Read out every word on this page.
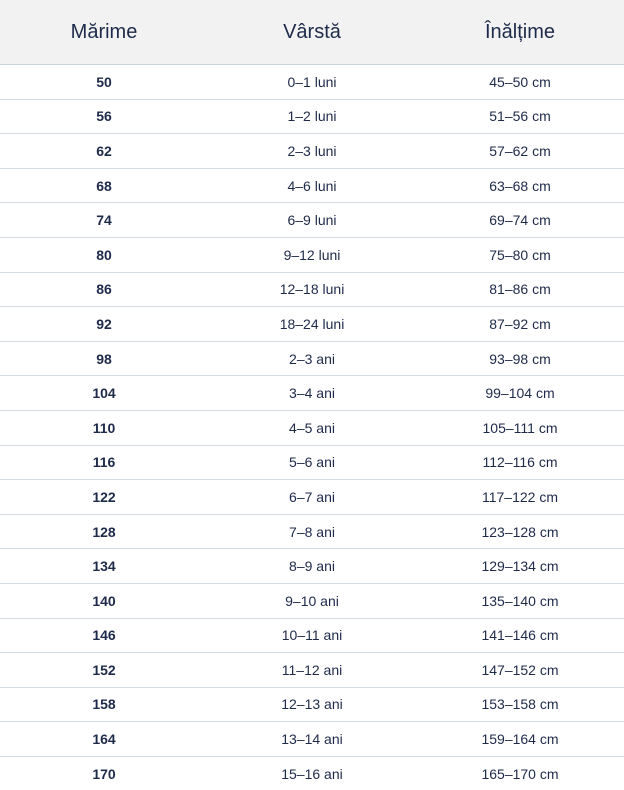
Mărime	Vârstă	Înălțime
50	0–1 luni	45–50 cm
56	1–2 luni	51–56 cm
62	2–3 luni	57–62 cm
68	4–6 luni	63–68 cm
74	6–9 luni	69–74 cm
80	9–12 luni	75–80 cm
86	12–18 luni	81–86 cm
92	18–24 luni	87–92 cm
98	2–3 ani	93–98 cm
104	3–4 ani	99–104 cm
110	4–5 ani	105–111 cm
116	5–6 ani	112–116 cm
122	6–7 ani	117–122 cm
128	7–8 ani	123–128 cm
134	8–9 ani	129–134 cm
140	9–10 ani	135–140 cm
146	10–11 ani	141–146 cm
152	11–12 ani	147–152 cm
158	12–13 ani	153–158 cm
164	13–14 ani	159–164 cm
170	15–16 ani	165–170 cm
